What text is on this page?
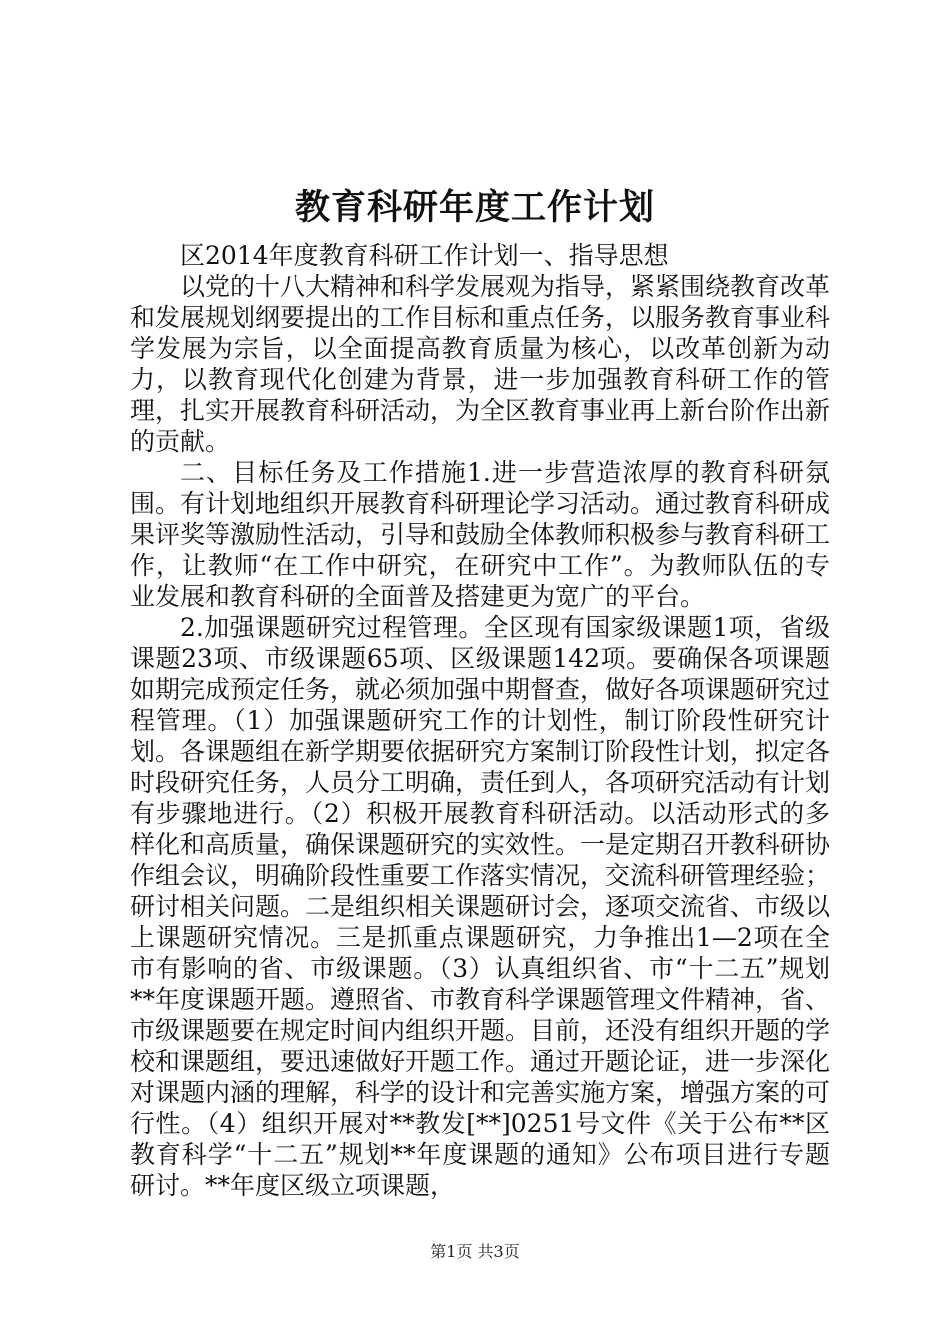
教育科研年度工作计划

区2014年度教育科研工作计划一、指导思想

以党的十八大精神和科学发展观为指导，紧紧围绕教育改革和发展规划纲要提出的工作目标和重点任务，以服务教育事业科学发展为宗旨，以全面提高教育质量为核心，以改革创新为动力，以教育现代化创建为背景，进一步加强教育科研工作的管理，扎实开展教育科研活动，为全区教育事业再上新台阶作出新的贡献。

二、目标任务及工作措施1.进一步营造浓厚的教育科研氛围。有计划地组织开展教育科研理论学习活动。通过教育科研成果评奖等激励性活动，引导和鼓励全体教师积极参与教育科研工作，让教师“在工作中研究，在研究中工作”。为教师队伍的专业发展和教育科研的全面普及搭建更为宽广的平台。

2.加强课题研究过程管理。全区现有国家级课题1项，省级课题23项、市级课题65项、区级课题142项。要确保各项课题如期完成预定任务，就必须加强中期督查，做好各项课题研究过程管理。（1）加强课题研究工作的计划性，制订阶段性研究计划。各课题组在新学期要依据研究方案制订阶段性计划，拟定各时段研究任务，人员分工明确，责任到人，各项研究活动有计划有步骤地进行。（2）积极开展教育科研活动。以活动形式的多样化和高质量，确保课题研究的实效性。一是定期召开教科研协作组会议，明确阶段性重要工作落实情况，交流科研管理经验；研讨相关问题。二是组织相关课题研讨会，逐项交流省、市级以上课题研究情况。三是抓重点课题研究，力争推出1—2项在全市有影响的省、市级课题。（3）认真组织省、市“十二五”规划**年度课题开题。遵照省、市教育科学课题管理文件精神，省、市级课题要在规定时间内组织开题。目前，还没有组织开题的学校和课题组，要迅速做好开题工作。通过开题论证，进一步深化对课题内涵的理解，科学的设计和完善实施方案，增强方案的可行性。（4）组织开展对**教发[**]0251号文件《关于公布**区教育科学“十二五”规划**年度课题的通知》公布项目进行专题研讨。**年度区级立项课题，

第1页 共3页
